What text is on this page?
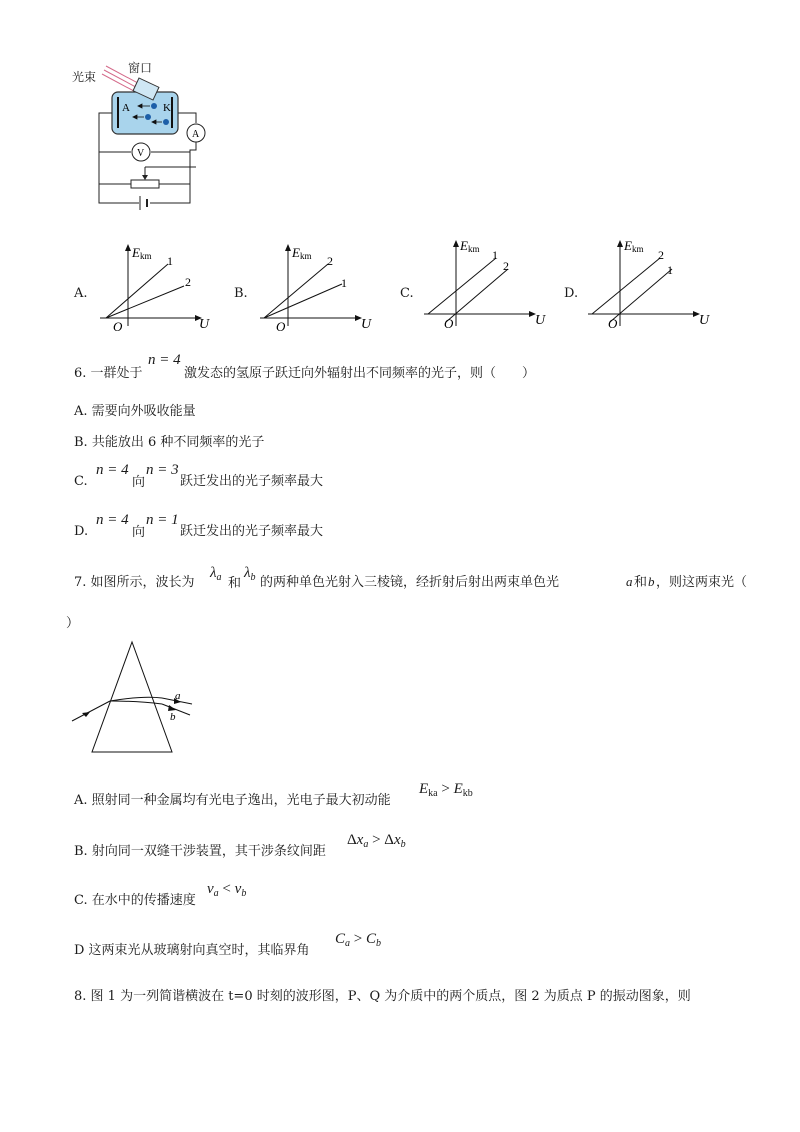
光束
窗口
A	K
A
V
A.
Ekm 1
2
O	U
B.
Ekm 2
1
O	U
C.
Ekm 1
2
O	U
D.
Ekm 2
1
O	U
6. 一群处于
n = 4
激发态的氢原子跃迁向外辐射出不同频率的光子，则（　　）
A. 需要向外吸收能量
B. 共能放出 6 种不同频率的光子
C.
n = 4
向
n = 3
跃迁发出的光子频率最大
D.
n = 4
向
n = 1
跃迁发出的光子频率最大
7. 如图所示，波长为
$\lambda_a$ 和
$\lambda_b$ 的两种单色光射入三棱镜，经折射后射出两束单色光	a 和 b ，则这两束光（
）
a
b
A. 照射同一种金属均有光电子逸出，光电子最大初动能
$E_{ka} > E_{kb}$
B. 射向同一双缝干涉装置，其干涉条纹间距
$\Delta x_a > \Delta x_b$
C. 在水中的传播速度
$v_a < v_b$
D 这两束光从玻璃射向真空时，其临界角
$C_a > C_b$
8. 图 1 为一列简谐横波在 t=0 时刻的波形图，P、Q 为介质中的两个质点，图 2 为质点 P 的振动图象，则
